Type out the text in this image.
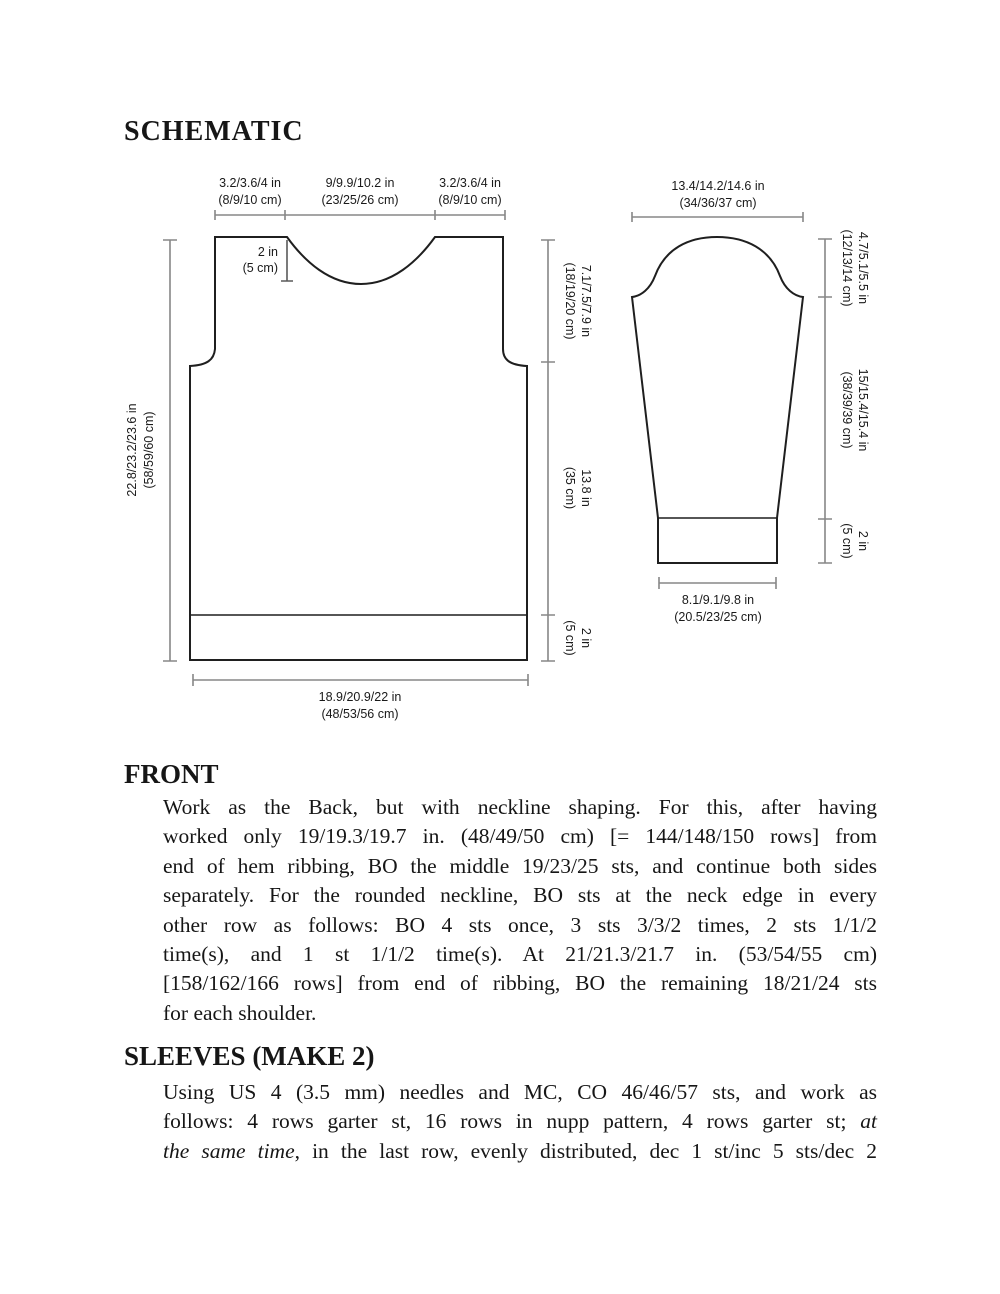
SCHEMATIC
2 in
(5 cm)
3.2/3.6/4 in
(8/9/10 cm)
9/9.9/10.2 in
(23/25/26 cm)
3.2/3.6/4 in
(8/9/10 cm)
22.8/23.2/23.6 in (58/59/60 cm)
7.1/7.5/7.9 in
(18/19/20 cm)
13.8 in
(35 cm)
2 in
(5 cm)
18.9/20.9/22 in
(48/53/56 cm)
13.4/14.2/14.6 in
(34/36/37 cm)
4.7/5.1/5.5 in
(12/13/14 cm)
15/15.4/15.4 in
(38/39/39 cm)
2 in
(5 cm)
8.1/9.1/9.8 in
(20.5/23/25 cm)
FRONT
Work as the Back, but with neckline shaping. For this, after having
worked only 19/19.3/19.7 in. (48/49/50 cm) [= 144/148/150 rows] from
end of hem ribbing, BO the middle 19/23/25 sts, and continue both sides
separately. For the rounded neckline, BO sts at the neck edge in every
other row as follows: BO 4 sts once, 3 sts 3/3/2 times, 2 sts 1/1/2
time(s), and 1 st 1/1/2 time(s). At 21/21.3/21.7 in. (53/54/55 cm)
[158/162/166 rows] from end of ribbing, BO the remaining 18/21/24 sts
for each shoulder.
SLEEVES (MAKE 2)
Using US 4 (3.5 mm) needles and MC, CO 46/46/57 sts, and work as
follows: 4 rows garter st, 16 rows in nupp pattern, 4 rows garter st; at
the same time, in the last row, evenly distributed, dec 1 st/inc 5 sts/dec 2
